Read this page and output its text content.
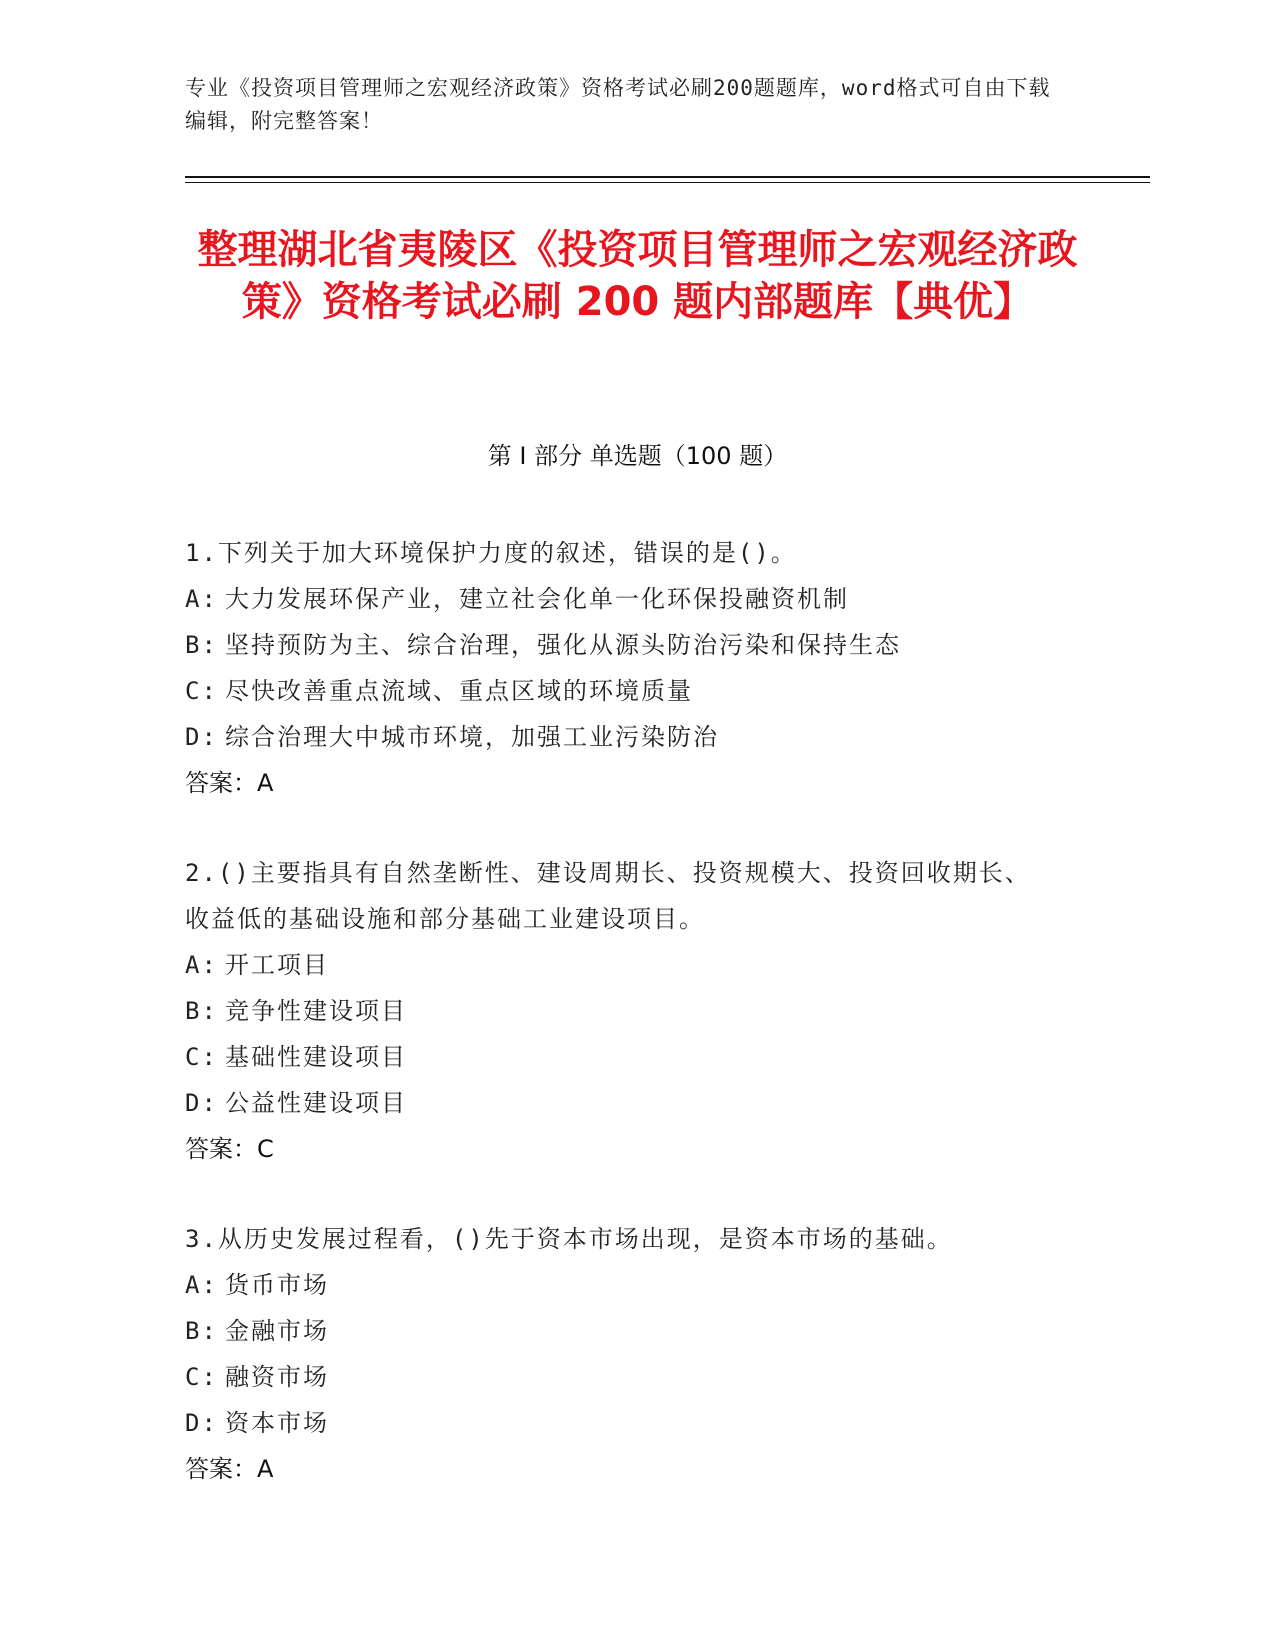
专业《投资项目管理师之宏观经济政策》资格考试必刷200题题库，word格式可自由下载编辑，附完整答案！
整理湖北省夷陵区《投资项目管理师之宏观经济政策》资格考试必刷 200 题内部题库【典优】
第 I 部分 单选题（100 题）
1.下列关于加大环境保护力度的叙述，错误的是()。
A: 大力发展环保产业，建立社会化单一化环保投融资机制
B: 坚持预防为主、综合治理，强化从源头防治污染和保持生态
C: 尽快改善重点流域、重点区域的环境质量
D: 综合治理大中城市环境，加强工业污染防治
答案：A
2.()主要指具有自然垄断性、建设周期长、投资规模大、投资回收期长、收益低的基础设施和部分基础工业建设项目。
A: 开工项目
B: 竞争性建设项目
C: 基础性建设项目
D: 公益性建设项目
答案：C
3.从历史发展过程看，()先于资本市场出现，是资本市场的基础。
A: 货币市场
B: 金融市场
C: 融资市场
D: 资本市场
答案：A
